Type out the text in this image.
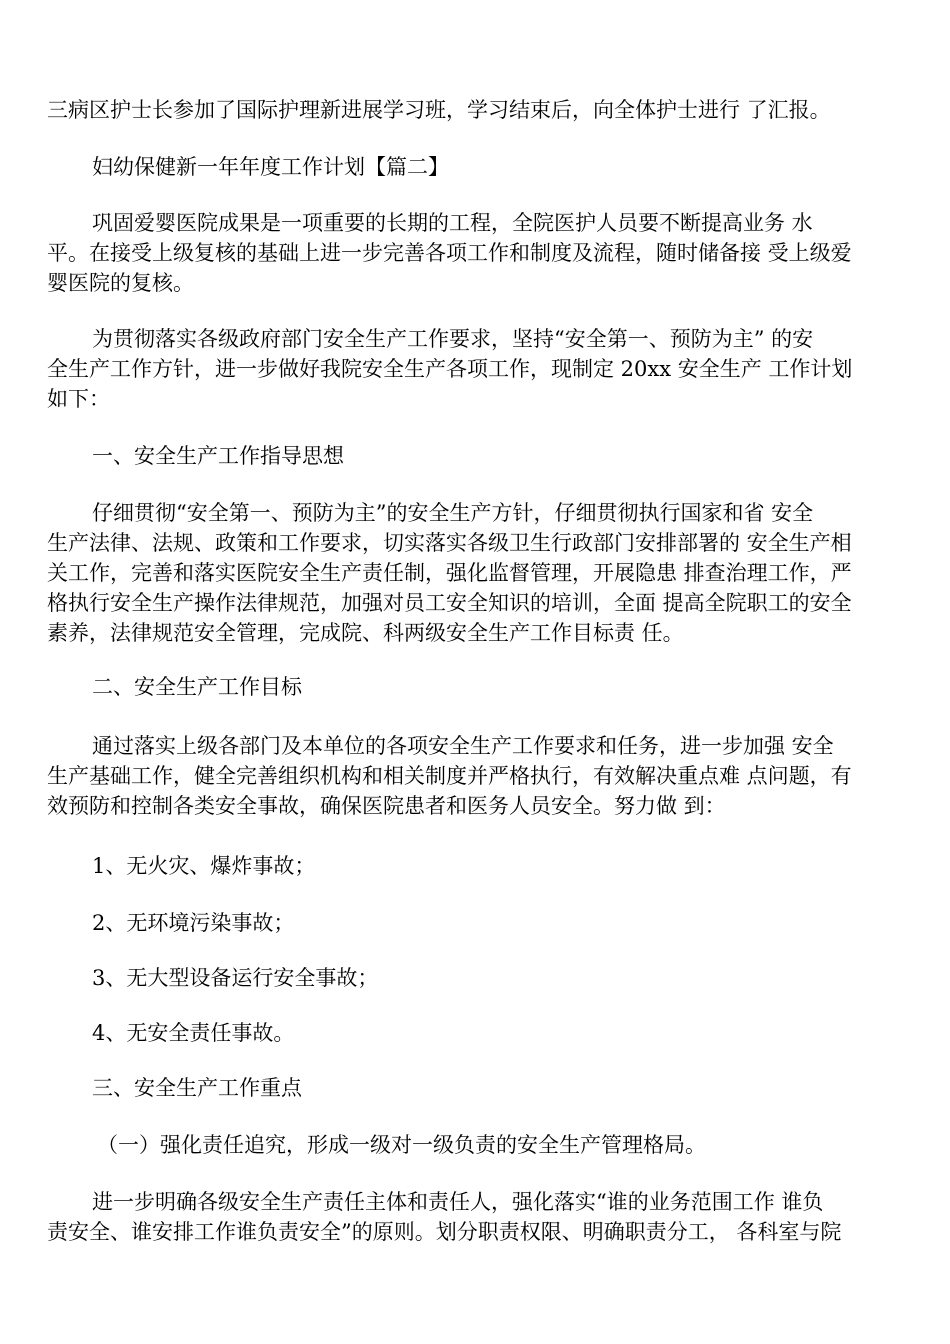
三病区护士长参加了国际护理新进展学习班，学习结束后，向全体护士进行 了汇报。
妇幼保健新一年年度工作计划【篇二】
巩固爱婴医院成果是一项重要的长期的工程，全院医护人员要不断提高业务 水
平。在接受上级复核的基础上进一步完善各项工作和制度及流程，随时储备接 受上级爱
婴医院的复核。
为贯彻落实各级政府部门安全生产工作要求，坚持“安全第一、预防为主” 的安
全生产工作方针，进一步做好我院安全生产各项工作，现制定 20xx 安全生产 工作计划
如下：
一、安全生产工作指导思想
仔细贯彻“安全第一、预防为主”的安全生产方针，仔细贯彻执行国家和省 安全
生产法律、法规、政策和工作要求，切实落实各级卫生行政部门安排部署的 安全生产相
关工作，完善和落实医院安全生产责任制，强化监督管理，开展隐患 排查治理工作，严
格执行安全生产操作法律规范，加强对员工安全知识的培训，全面 提高全院职工的安全
素养，法律规范安全管理，完成院、科两级安全生产工作目标责 任。
二、安全生产工作目标
通过落实上级各部门及本单位的各项安全生产工作要求和任务，进一步加强 安全
生产基础工作，健全完善组织机构和相关制度并严格执行，有效解决重点难 点问题，有
效预防和控制各类安全事故，确保医院患者和医务人员安全。努力做 到：
1、无火灾、爆炸事故；
2、无环境污染事故；
3、无大型设备运行安全事故；
4、无安全责任事故。
三、安全生产工作重点
（一）强化责任追究，形成一级对一级负责的安全生产管理格局。
进一步明确各级安全生产责任主体和责任人，强化落实“谁的业务范围工作 谁负
责安全、谁安排工作谁负责安全”的原则。划分职责权限、明确职责分工， 各科室与院
